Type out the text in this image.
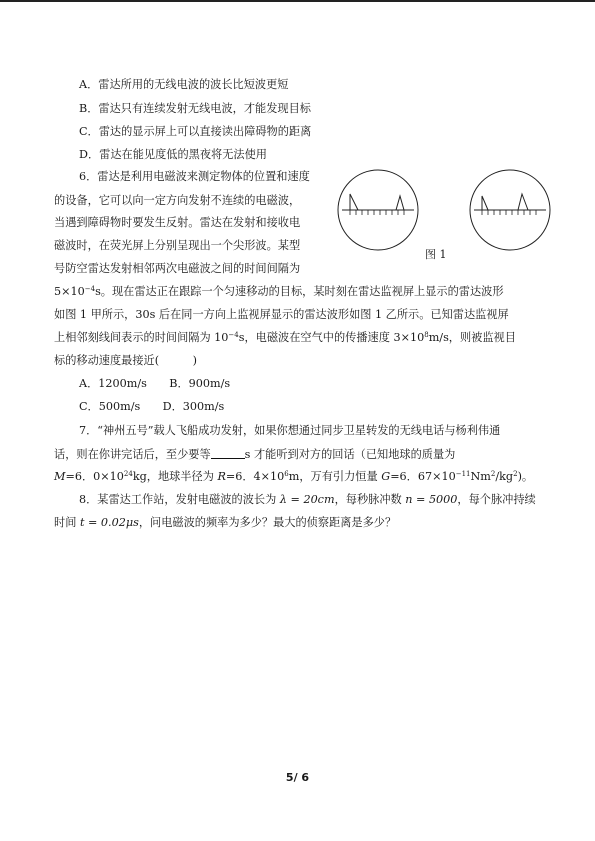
A．雷达所用的无线电波的波长比短波更短
B．雷达只有连续发射无线电波，才能发现目标
C．雷达的显示屏上可以直接读出障碍物的距离
D．雷达在能见度低的黑夜将无法使用
6．雷达是利用电磁波来测定物体的位置和速度
的设备，它可以向一定方向发射不连续的电磁波，
当遇到障碍物时要发生反射。雷达在发射和接收电
磁波时，在荧光屏上分别呈现出一个尖形波。某型
号防空雷达发射相邻两次电磁波之间的时间间隔为
$5\times 10^{-4}s$。现在雷达正在跟踪一个匀速移动的目标，某时刻在雷达监视屏上显示的雷达波形
如图 1 甲所示，30s 后在同一方向上监视屏显示的雷达波形如图 1 乙所示。已知雷达监视屏
上相邻刻线间表示的时间间隔为 $10^{-4}s$，电磁波在空气中的传播速度 $3\times 10^8m/s$，则被监视目
标的移动速度最接近(　　　)
A．1200m/s　　B．900m/s
C．500m/s　　D．300m/s
图 1
7．“神州五号”载人飞船成功发射，如果你想通过同步卫星转发的无线电话与杨利伟通
话，则在你讲完话后，至少要等	s 才能听到对方的回话（已知地球的质量为
M=6．$0\times 10^{24}kg$，地球半径为 R=6．$4\times 10^6m$，万有引力恒量 G=6．$67\times 10^{-11}Nm^2/kg^2$)。
8．某雷达工作站，发射电磁波的波长为 λ = 20cm，每秒脉冲数 n = 5000，每个脉冲持续
时间 t = 0.02μs，问电磁波的频率为多少？最大的侦察距离是多少？
5/ 6
